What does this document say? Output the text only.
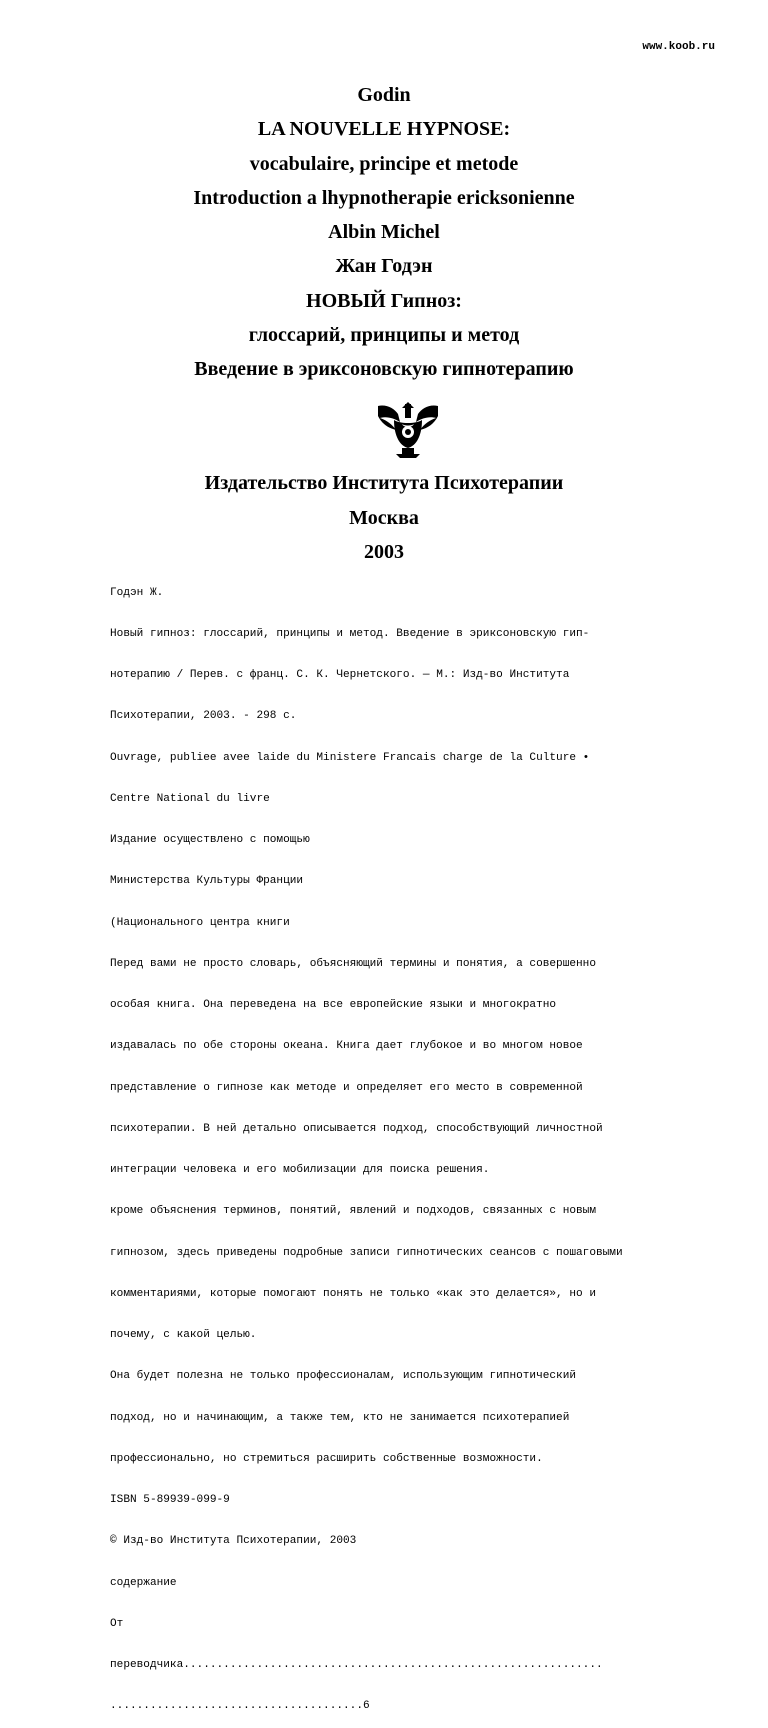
www.koob.ru
Godin
LA NOUVELLE HYPNOSE:
vocabulaire, principe et metode
Introduction a lhypnotherapie ericksonienne
Albin Michel
Жан Годэн
НОВЫЙ Гипноз:
глоссарий, принципы и метод
Введение в эриксоновскую гипнотерапию
Издательство Института Психотерапии
Москва
2003

Годэн Ж.

Новый гипноз: глоссарий, принципы и метод. Введение в эриксоновскую гип-

нотерапию / Перев. с франц. С. К. Чернетского. — М.: Изд-во Института

Психотерапии, 2003. - 298 с.

Ouvrage, publiee avee laide du Ministere Francais charge de la Culture •

Centre National du livre

Издание осуществлено с помощью

Министерства Культуры Франции

(Национального центра книги

Перед вами не просто словарь, объясняющий термины и понятия, а совершенно

особая книга. Она переведена на все европейские языки и многократно

издавалась по обе стороны океана. Книга дает глубокое и во многом новое

представление о гипнозе как методе и определяет его место в современной

психотерапии. В ней детально описывается подход, способствующий личностной

интеграции человека и его мобилизации для поиска решения.

кроме объяснения терминов, понятий, явлений и подходов, связанных с новым

гипнозом, здесь приведены подробные записи гипнотических сеансов с пошаговыми

комментариями, которые помогают понять не только «как это делается», но и

почему, с какой целью.

Она будет полезна не только профессионалам, использующим гипнотический

подход, но и начинающим, а также тем, кто не занимается психотерапией

профессионально, но стремиться расширить собственные возможности.

ISBN 5-89939-099-9

© Изд-во Института Психотерапии, 2003

содержание

От

переводчика...............................................................

......................................6
